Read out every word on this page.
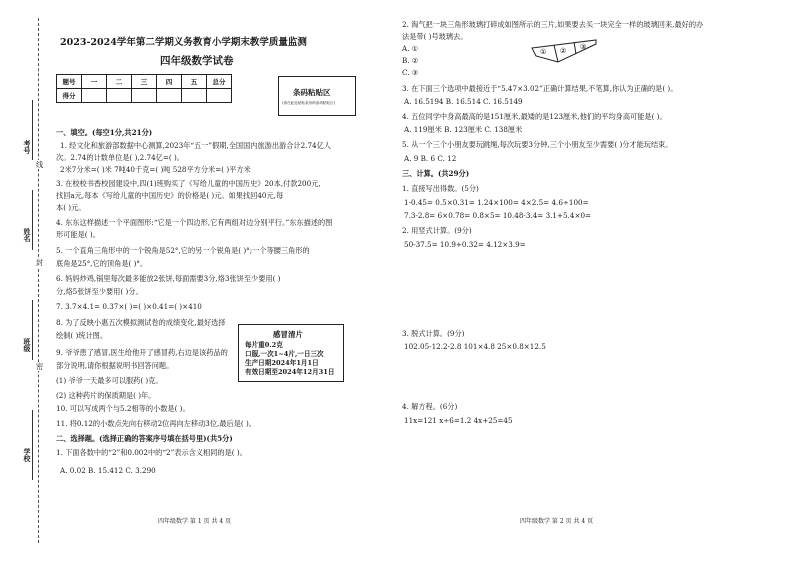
考号
姓名
班级
学校
线
封
密
2023-2024学年第二学期义务教育小学期末教学质量监测
四年级数学试卷
题号	一	二	三	四	五	总分
得分							条码粘贴区
(请在此处粘贴条形码条码粘贴区)
一、填空。(每空1分,共21分)
1. 经文化和旅游部数据中心测算,2023年“五一”假期,全国国内旅游出游合计2.74亿人
次。2.74的计数单位是( ),2.74亿=( )。
2米7分米=( )米 7吨40千克=( )吨 528平方分米=( )平方米
3. 在校校书香校园建设中,四(1)班购买了《写给儿童的中国历史》20本,付款200元,
找回a元,每本《写给儿童的中国历史》的价格是( )元。如果找回40元,每
本( )元。
4. 东东这样描述一个平面图形:“它是一个四边形,它有两组对边分别平行。”东东描述的图
形可能是( )。
5. 一个直角三角形中的一个锐角是52°,它的另一个锐角是( )°;一个等腰三角形的
底角是25°,它的顶角是( )°。
6. 妈妈炒鸡,锅里每次最多能放2张饼,每面需要3分,烙3张饼至少要用( )
分,烙5张饼至少要用( )分。
7. 3.7×4.1= 0.37×( )=( )×0.41=( )×410
8. 为了反映小惠五次模拟测试卷的成绩变化,最好选择
绘制( )统计图。
9. 爷爷患了感冒,医生给他开了感冒药,右边是该药品的
部分说明,请你根据说明书回答问题。
(1) 爷爷一天最多可以服药( )克。
(2) 这种药片的保质期是( )年。
10. 可以写成两个与5.2相等的小数是( )。
11. 将0.12的小数点先向右移动2位再向左移动3位,最后是( )。
二、选择题。(选择正确的答案序号填在括号里)(共5分)
1. 下面各数中的“2”和0.002中的“2”表示含义相同的是( )。
A. 0.02 B. 15.412 C. 3.290
感冒清片
每片重0.2克
口服,一次1~4片,一日三次
生产日期2024年1月1日
有效日期至2024年12月31日
四年级数学 第 1 页 共 4 页
2. 淘气把一块三角形玻璃打碎成如图所示的三片,如果要去买一块完全一样的玻璃回来,最好的办
法是带( )号玻璃去。
A. ①
B. ②
C. ③
3. 在下面三个选项中最接近于“5.47×3.02”正确计算结果,不笔算,你认为正确的是( )。
A. 16.5194 B. 16.514 C. 16.5149
4. 五位同学中身高最高的是151厘米,最矮的是123厘米,他们的平均身高可能是( )。
A. 119厘米 B. 123厘米 C. 138厘米
5. 从一个三个小朋友要玩跳绳,每次玩要3分钟,三个小朋友至少需要( )分才能玩结束。
A. 9 B. 6 C. 12
三、计算。(共29分)
1. 直接写出得数。(5分)
1-0.45= 0.5×0.31= 1.24×100= 4×2.5= 4.6÷100=
7.3-2.8= 6×0.78= 0.8×5= 10.48-3.4= 3.1+5.4×0=
2. 用竖式计算。(9分)
50-37.5= 10.9+0.32= 4.12×3.9=
3. 脱式计算。(9分)
102.05-12.2-2.8 101×4.8 25×0.8×12.5
4. 解方程。(6分)
11x=121 x÷6=1.2 4x+25=45
① ② ③
四年级数学 第 2 页 共 4 页
